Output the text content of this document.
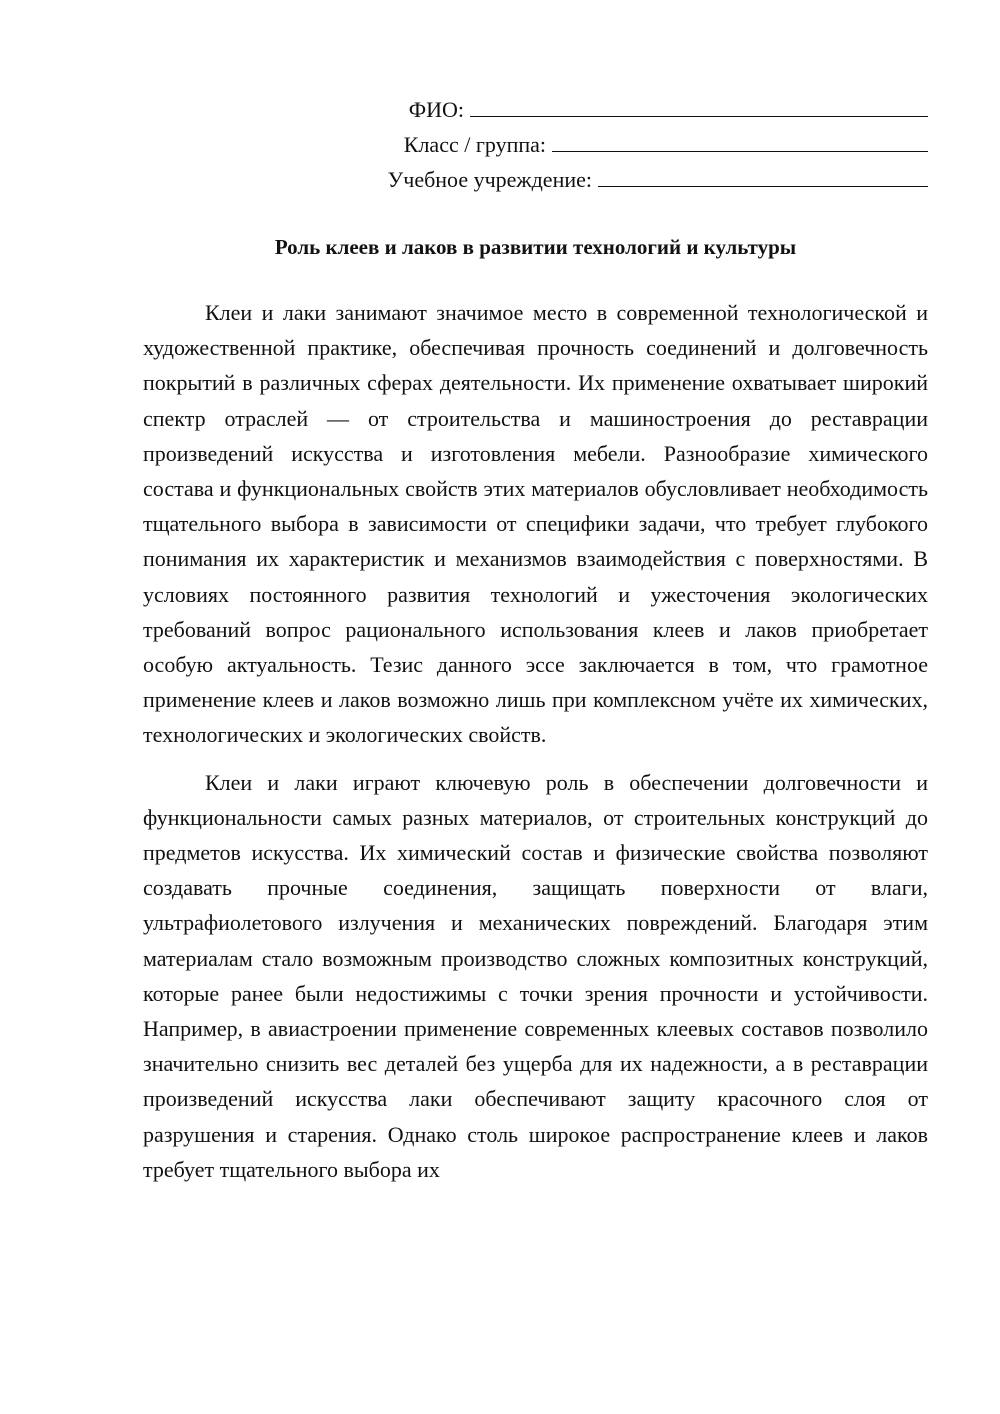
ФИО:
Класс / группа:
Учебное учреждение:
Роль клеев и лаков в развитии технологий и культуры

Клеи и лаки занимают значимое место в современной технологической и художественной практике, обеспечивая прочность соединений и долговечность покрытий в различных сферах деятельности. Их применение охватывает широкий спектр отраслей — от строительства и машиностроения до реставрации произведений искусства и изготовления мебели. Разнообразие химического состава и функциональных свойств этих материалов обусловливает необходимость тщательного выбора в зависимости от специфики задачи, что требует глубокого понимания их характеристик и механизмов взаимодействия с поверхностями. В условиях постоянного развития технологий и ужесточения экологических требований вопрос рационального использования клеев и лаков приобретает особую актуальность. Тезис данного эссе заключается в том, что грамотное применение клеев и лаков возможно лишь при комплексном учёте их химических, технологических и экологических свойств.

Клеи и лаки играют ключевую роль в обеспечении долговечности и функциональности самых разных материалов, от строительных конструкций до предметов искусства. Их химический состав и физические свойства позволяют создавать прочные соединения, защищать поверхности от влаги, ультрафиолетового излучения и механических повреждений. Благодаря этим материалам стало возможным производство сложных композитных конструкций, которые ранее были недостижимы с точки зрения прочности и устойчивости. Например, в авиастроении применение современных клеевых составов позволило значительно снизить вес деталей без ущерба для их надежности, а в реставрации произведений искусства лаки обеспечивают защиту красочного слоя от разрушения и старения. Однако столь широкое распространение клеев и лаков требует тщательного выбора их
